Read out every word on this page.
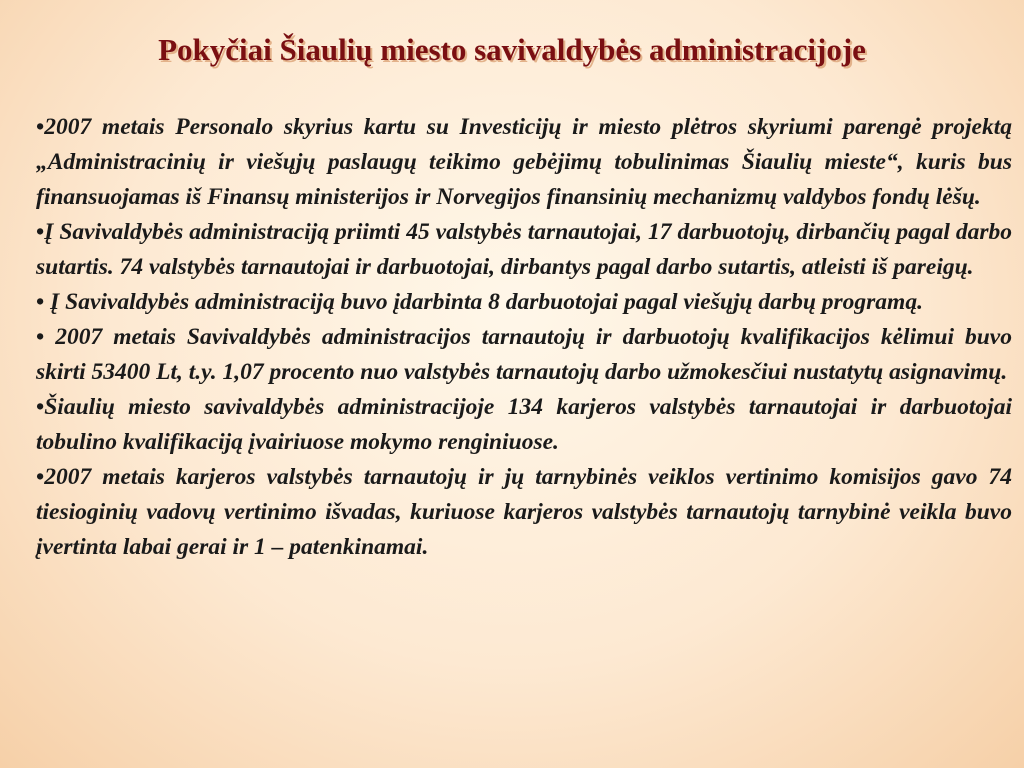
Pokyčiai Šiaulių miesto savivaldybės administracijoje
•2007 metais Personalo skyrius kartu su Investicijų ir miesto plėtros skyriumi parengė projektą „Administracinių ir viešųjų paslaugų teikimo gebėjimų tobulinimas Šiaulių mieste“, kuris bus finansuojamas iš Finansų ministerijos ir Norvegijos finansinių mechanizmų valdybos fondų lėšų.
•Į Savivaldybės administraciją priimti 45 valstybės tarnautojai, 17 darbuotojų, dirbančių pagal darbo sutartis. 74 valstybės tarnautojai ir darbuotojai, dirbantys pagal darbo sutartis, atleisti iš pareigų.
• Į Savivaldybės administraciją buvo įdarbinta 8 darbuotojai pagal viešųjų darbų programą.
• 2007 metais Savivaldybės administracijos tarnautojų ir darbuotojų kvalifikacijos kėlimui buvo skirti 53400 Lt, t.y. 1,07 procento nuo valstybės tarnautojų darbo užmokesčiui nustatytų asignavimų.
•Šiaulių miesto savivaldybės administracijoje 134 karjeros valstybės tarnautojai ir darbuotojai tobulino kvalifikaciją įvairiuose mokymo renginiuose.
•2007 metais karjeros valstybės tarnautojų ir jų tarnybinės veiklos vertinimo komisijos gavo 74 tiesioginių vadovų vertinimo išvadas, kuriuose karjeros valstybės tarnautojų tarnybinė veikla buvo įvertinta labai gerai ir 1 – patenkinamai.
